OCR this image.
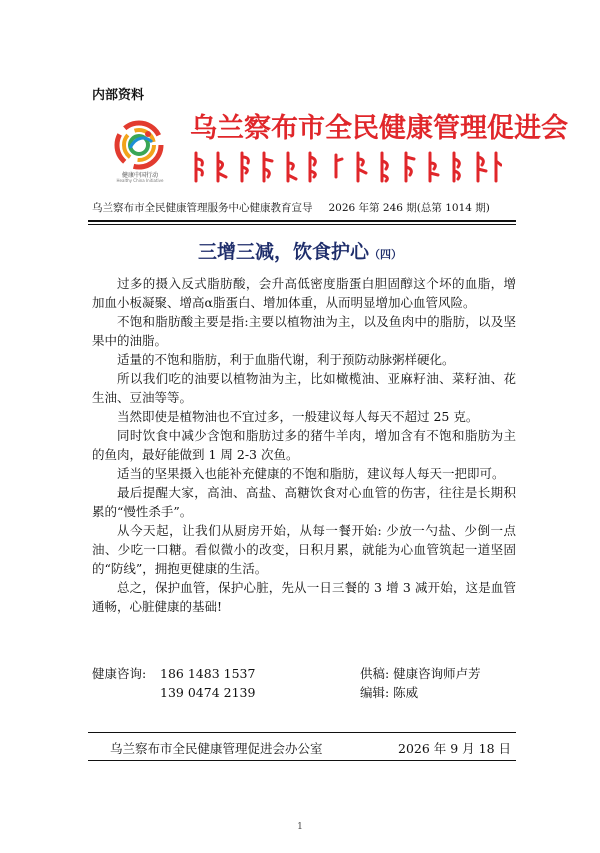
内部资料
健康中国行动
Healthy China Initiative
乌兰察布市全民健康管理促进会
乌兰察布市全民健康管理服务中心健康教育宣导 2026 年第 246 期(总第 1014 期)
三增三减，饮食护心（四）

过多的摄入反式脂肪酸，会升高低密度脂蛋白胆固醇这个坏的血脂，增加血小板凝聚、增高α脂蛋白、增加体重，从而明显增加心血管风险。

不饱和脂肪酸主要是指:主要以植物油为主，以及鱼肉中的脂肪，以及坚果中的油脂。

适量的不饱和脂肪，利于血脂代谢，利于预防动脉粥样硬化。

所以我们吃的油要以植物油为主，比如橄榄油、亚麻籽油、菜籽油、花生油、豆油等等。

当然即使是植物油也不宜过多，一般建议每人每天不超过 25 克。

同时饮食中减少含饱和脂肪过多的猪牛羊肉，增加含有不饱和脂肪为主的鱼肉，最好能做到 1 周 2-3 次鱼。

适当的坚果摄入也能补充健康的不饱和脂肪，建议每人每天一把即可。

最后提醒大家，高油、高盐、高糖饮食对心血管的伤害，往往是长期积累的“慢性杀手”。

从今天起，让我们从厨房开始，从每一餐开始: 少放一勺盐、少倒一点油、少吃一口糖。看似微小的改变，日积月累，就能为心血管筑起一道坚固的“防线”，拥抱更健康的生活。

总之，保护血管，保护心脏，先从一日三餐的 3 增 3 减开始，这是血管通畅，心脏健康的基础!

健康咨询: 186 1483 1537	供稿: 健康咨询师卢芳
139 0474 2139	编辑: 陈威
乌兰察布市全民健康管理促进会办公室	2026 年 9 月 18 日
1
